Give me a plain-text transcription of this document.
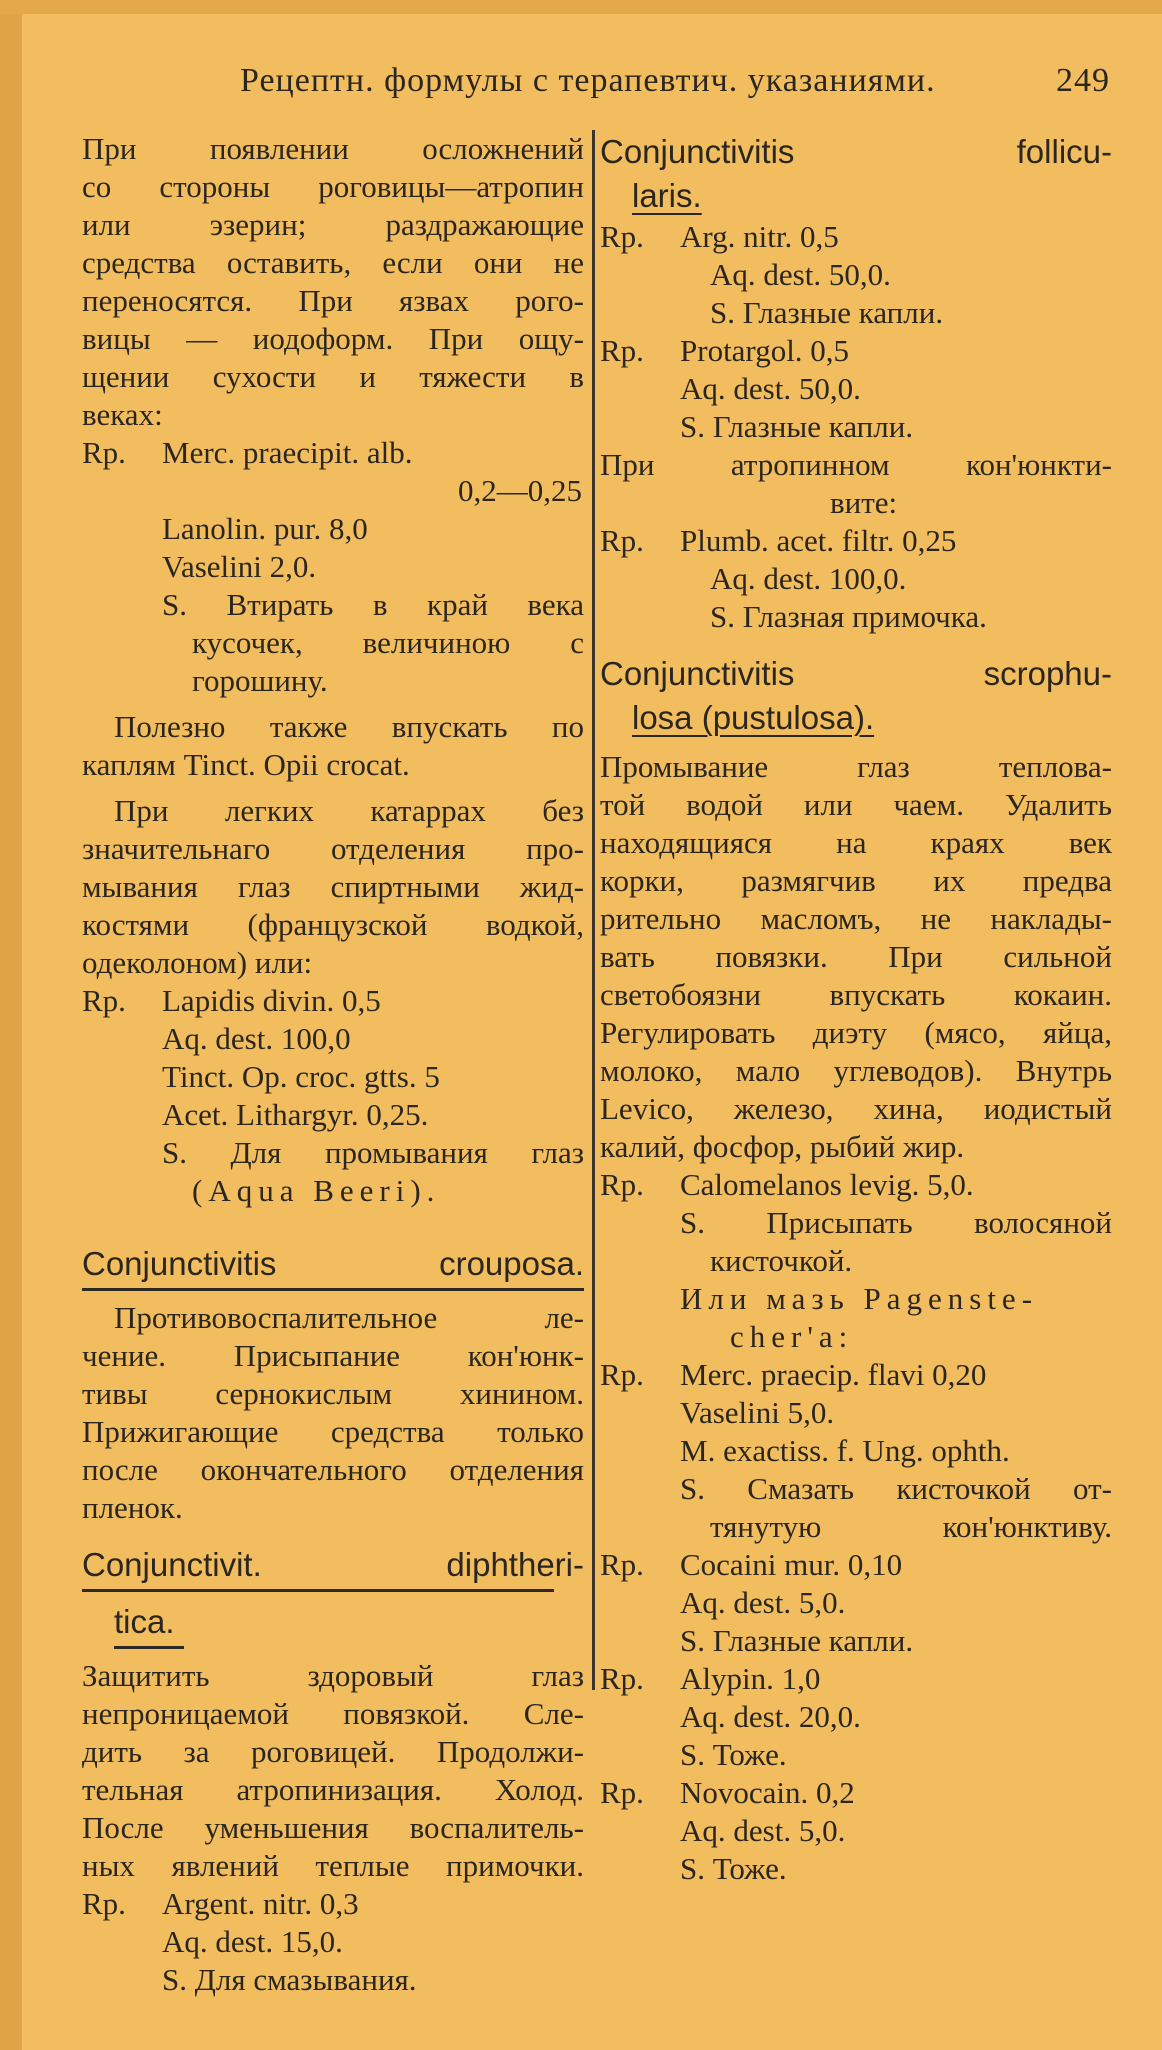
Рецептн. формулы с терапевтич. указаниями.	249
При появлении осложнений
со стороны роговицы—атропин
или эзерин; раздражающие
средства оставить, если они не
переносятся. При язвах рого-
вицы — иодоформ. При ощу-
щении сухости и тяжести в
веках:
Rp. Merc. praecipit. alb.
0,2—0,25
Lanolin. pur. 8,0
Vaselini 2,0.
S. Втирать в край века
кусочек, величиною с
горошину.
Полезно также впускать по
каплям Tinct. Opii crocat.
При легких катаррах без
значительнаго отделения про-
мывания глаз спиртными жид-
костями (французской водкой,
одеколоном) или:
Rp. Lapidis divin. 0,5
Aq. dest. 100,0
Tinct. Op. croc. gtts. 5
Acet. Lithargyr. 0,25.
S. Для промывания глаз
(Aqua Beeri).
Conjunctivitis crouposa.
Противовоспалительное ле-
чение. Присыпание кон'юнк-
тивы сернокислым хинином.
Прижигающие средства только
после окончательного отделения
пленок.
Conjunctivit. diphtheri-
tica.
Защитить здоровый глаз
непроницаемой повязкой. Сле-
дить за роговицей. Продолжи-
тельная атропинизация. Холод.
После уменьшения воспалитель-
ных явлений теплые примочки.
Rp. Argent. nitr. 0,3
Aq. dest. 15,0.
S. Для смазывания.
Conjunctivitis follicu-
laris.
Rp. Arg. nitr. 0,5
Aq. dest. 50,0.
S. Глазные капли.
Rp. Protargol. 0,5
Aq. dest. 50,0.
S. Глазные капли.
При атропинном кон'юнкти-
вите:
Rp. Plumb. acet. filtr. 0,25
Aq. dest. 100,0.
S. Глазная примочка.
Conjunctivitis scrophu-
losa (pustulosa).
Промывание глаз теплова-
той водой или чаем. Удалить
находящияся на краях век
корки, размягчив их предва
рительно масломъ, не наклады-
вать повязки. При сильной
светобоязни впускать кокаин.
Регулировать диэту (мясо, яйца,
молоко, мало углеводов). Внутрь
Levico, железо, хина, иодистый
калий, фосфор, рыбий жир.
Rp. Calomelanos levig. 5,0.
S. Присыпать волосяной
кисточкой.
Или мазь Pagenste-
cher'a:
Rp. Merc. praecip. flavi 0,20
Vaselini 5,0.
M. exactiss. f. Ung. ophth.
S. Смазать кисточкой от-
тянутую кон'юнктиву.
Rp. Cocaini mur. 0,10
Aq. dest. 5,0.
S. Глазные капли.
Rp. Alypin. 1,0
Aq. dest. 20,0.
S. Тоже.
Rp. Novocain. 0,2
Aq. dest. 5,0.
S. Тоже.
